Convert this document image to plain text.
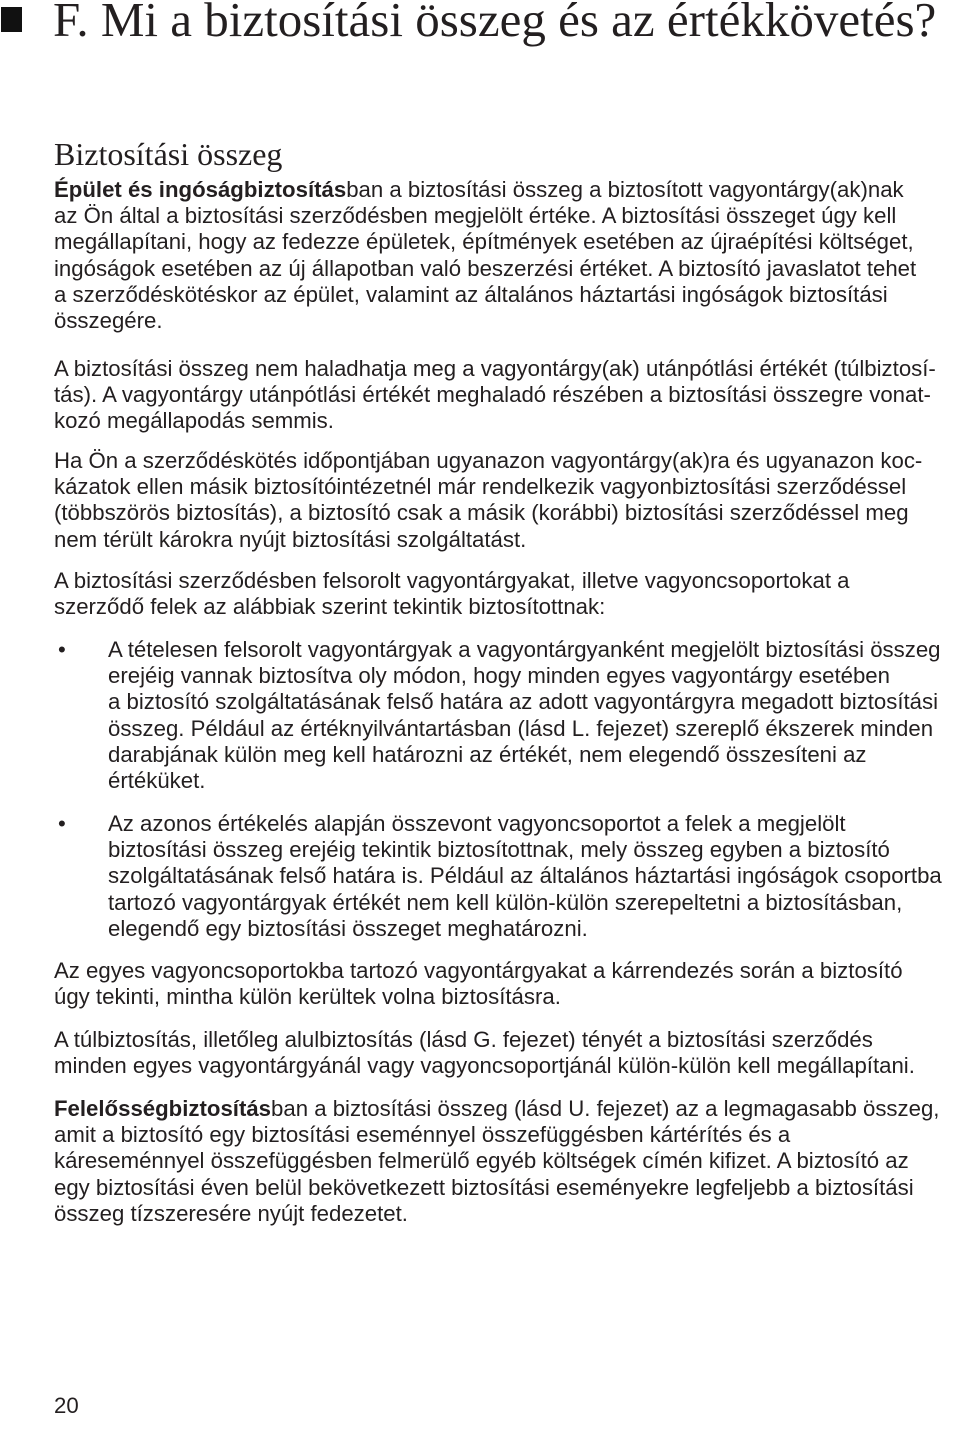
F. Mi a biztosítási összeg és az értékkövetés?
Biztosítási összeg
Épület és ingóságbiztosításban a biztosítási összeg a biztosított vagyontárgy(ak)nak
az Ön által a biztosítási szerződésben megjelölt értéke. A biztosítási összeget úgy kell
megállapítani, hogy az fedezze épületek, építmények esetében az újraépítési költséget,
ingóságok esetében az új állapotban való beszerzési értéket. A biztosító javaslatot tehet
a szerződéskötéskor az épület, valamint az általános háztartási ingóságok biztosítási
összegére.
A biztosítási összeg nem haladhatja meg a vagyontárgy(ak) utánpótlási értékét (túlbiztosí-
tás). A vagyontárgy utánpótlási értékét meghaladó részében a biztosítási összegre vonat-
kozó megállapodás semmis.
Ha Ön a szerződéskötés időpontjában ugyanazon vagyontárgy(ak)ra és ugyanazon koc-
kázatok ellen másik biztosítóintézetnél már rendelkezik vagyonbiztosítási szerződéssel
(többszörös biztosítás), a biztosító csak a másik (korábbi) biztosítási szerződéssel meg
nem térült károkra nyújt biztosítási szolgáltatást.
A biztosítási szerződésben felsorolt vagyontárgyakat, illetve vagyoncsoportokat a
szerződő felek az alábbiak szerint tekintik biztosítottnak:
• A tételesen felsorolt vagyontárgyak a vagyontárgyanként megjelölt biztosítási összeg
erejéig vannak biztosítva oly módon, hogy minden egyes vagyontárgy esetében
a biztosító szolgáltatásának felső határa az adott vagyontárgyra megadott biztosítási
összeg. Például az értéknyilvántartásban (lásd L. fejezet) szereplő ékszerek minden
darabjának külön meg kell határozni az értékét, nem elegendő összesíteni az
értéküket.
• Az azonos értékelés alapján összevont vagyoncsoportot a felek a megjelölt
biztosítási összeg erejéig tekintik biztosítottnak, mely összeg egyben a biztosító
szolgáltatásának felső határa is. Például az általános háztartási ingóságok csoportba
tartozó vagyontárgyak értékét nem kell külön-külön szerepeltetni a biztosításban,
elegendő egy biztosítási összeget meghatározni.
Az egyes vagyoncsoportokba tartozó vagyontárgyakat a kárrendezés során a biztosító
úgy tekinti, mintha külön kerültek volna biztosításra.
A túlbiztosítás, illetőleg alulbiztosítás (lásd G. fejezet) tényét a biztosítási szerződés
minden egyes vagyontárgyánál vagy vagyoncsoportjánál külön-külön kell megállapítani.
Felelősségbiztosításban a biztosítási összeg (lásd U. fejezet) az a legmagasabb összeg,
amit a biztosító egy biztosítási eseménnyel összefüggésben kártérítés és a
káreseménnyel összefüggésben felmerülő egyéb költségek címén kifizet. A biztosító az
egy biztosítási éven belül bekövetkezett biztosítási eseményekre legfeljebb a biztosítási
összeg tízszeresére nyújt fedezetet.
20
